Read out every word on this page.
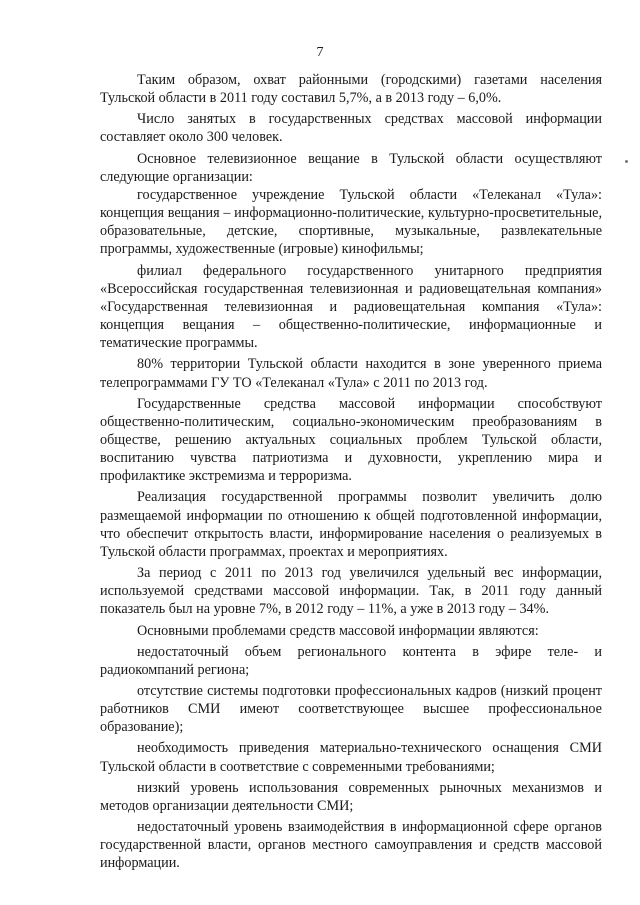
7

Таким образом, охват районными (городскими) газетами населения Тульской области в 2011 году составил 5,7%, а в 2013 году – 6,0%.

Число занятых в государственных средствах массовой информации составляет около 300 человек.

Основное телевизионное вещание в Тульской области осуществляют следующие организации:

государственное учреждение Тульской области «Телеканал «Тула»: концепция вещания – информационно-политические, культурно-просветительные, образовательные, детские, спортивные, музыкальные, развлекательные программы, художественные (игровые) кинофильмы;

филиал федерального государственного унитарного предприятия «Всероссийская государственная телевизионная и радиовещательная компания» «Государственная телевизионная и радиовещательная компания «Тула»: концепция вещания – общественно-политические, информационные и тематические программы.

80% территории Тульской области находится в зоне уверенного приема телепрограммами ГУ ТО «Телеканал «Тула» с 2011 по 2013 год.

Государственные средства массовой информации способствуют общественно-политическим, социально-экономическим преобразованиям в обществе, решению актуальных социальных проблем Тульской области, воспитанию чувства патриотизма и духовности, укреплению мира и профилактике экстремизма и терроризма.

Реализация государственной программы позволит увеличить долю размещаемой информации по отношению к общей подготовленной информации, что обеспечит открытость власти, информирование населения о реализуемых в Тульской области программах, проектах и мероприятиях.

За период с 2011 по 2013 год увеличился удельный вес информации, используемой средствами массовой информации. Так, в 2011 году данный показатель был на уровне 7%, в 2012 году – 11%, а уже в 2013 году – 34%.

Основными проблемами средств массовой информации являются:

недостаточный объем регионального контента в эфире теле- и радиокомпаний региона;

отсутствие системы подготовки профессиональных кадров (низкий процент работников СМИ имеют соответствующее высшее профессиональное образование);

необходимость приведения материально-технического оснащения СМИ Тульской области в соответствие с современными требованиями;

низкий уровень использования современных рыночных механизмов и методов организации деятельности СМИ;

недостаточный уровень взаимодействия в информационной сфере органов государственной власти, органов местного самоуправления и средств массовой информации.
